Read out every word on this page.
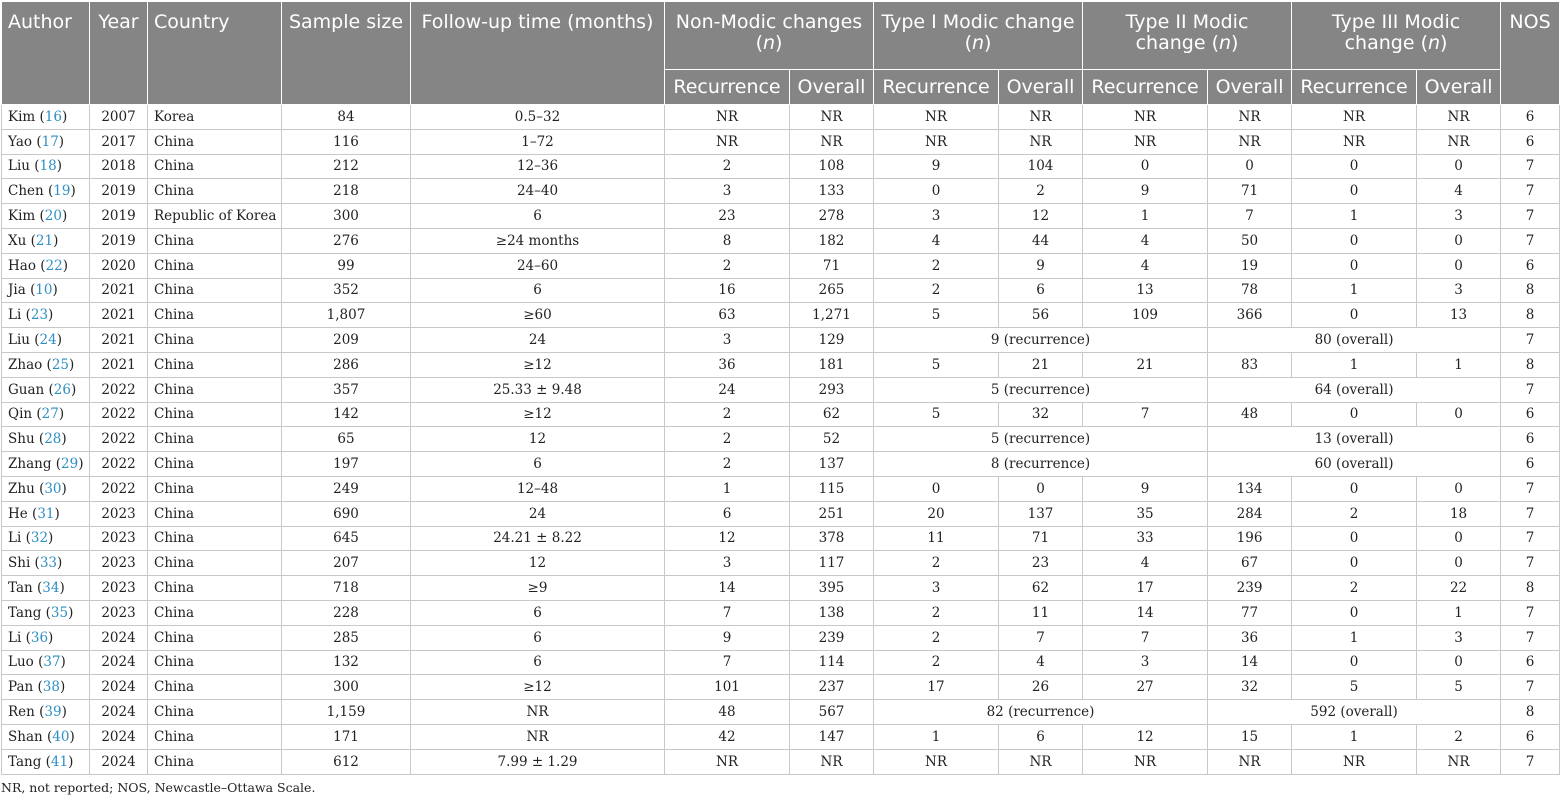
Author	Year	Country	Sample size	Follow-up time (months)	Non-Modic changes (n)		Type I Modic change (n)		Type II Modic change (n)		Type III Modic change (n)		NOS
					Recurrence	Overall	Recurrence	Overall	Recurrence	Overall	Recurrence	Overall	
Kim (16)	2007	Korea	84	0.5–32	NR	NR	NR	NR	NR	NR	NR	NR	6
Yao (17)	2017	China	116	1–72	NR	NR	NR	NR	NR	NR	NR	NR	6
Liu (18)	2018	China	212	12–36	2	108	9	104	0	0	0	0	7
Chen (19)	2019	China	218	24–40	3	133	0	2	9	71	0	4	7
Kim (20)	2019	Republic of Korea	300	6	23	278	3	12	1	7	1	3	7
Xu (21)	2019	China	276	≥24 months	8	182	4	44	4	50	0	0	7
Hao (22)	2020	China	99	24–60	2	71	2	9	4	19	0	0	6
Jia (10)	2021	China	352	6	16	265	2	6	13	78	1	3	8
Li (23)	2021	China	1,807	≥60	63	1,271	5	56	109	366	0	13	8
Liu (24)	2021	China	209	24	3	129	9 (recurrence)			80 (overall)			7
Zhao (25)	2021	China	286	≥12	36	181	5	21	21	83	1	1	8
Guan (26)	2022	China	357	25.33 ± 9.48	24	293	5 (recurrence)			64 (overall)			7
Qin (27)	2022	China	142	≥12	2	62	5	32	7	48	0	0	6
Shu (28)	2022	China	65	12	2	52	5 (recurrence)			13 (overall)			6
Zhang (29)	2022	China	197	6	2	137	8 (recurrence)			60 (overall)			6
Zhu (30)	2022	China	249	12–48	1	115	0	0	9	134	0	0	7
He (31)	2023	China	690	24	6	251	20	137	35	284	2	18	7
Li (32)	2023	China	645	24.21 ± 8.22	12	378	11	71	33	196	0	0	7
Shi (33)	2023	China	207	12	3	117	2	23	4	67	0	0	7
Tan (34)	2023	China	718	≥9	14	395	3	62	17	239	2	22	8
Tang (35)	2023	China	228	6	7	138	2	11	14	77	0	1	7
Li (36)	2024	China	285	6	9	239	2	7	7	36	1	3	7
Luo (37)	2024	China	132	6	7	114	2	4	3	14	0	0	6
Pan (38)	2024	China	300	≥12	101	237	17	26	27	32	5	5	7
Ren (39)	2024	China	1,159	NR	48	567	82 (recurrence)			592 (overall)			8
Shan (40)	2024	China	171	NR	42	147	1	6	12	15	1	2	6
Tang (41)	2024	China	612	7.99 ± 1.29	NR	NR	NR	NR	NR	NR	NR	NR	7
NR, not reported; NOS, Newcastle–Ottawa Scale.
